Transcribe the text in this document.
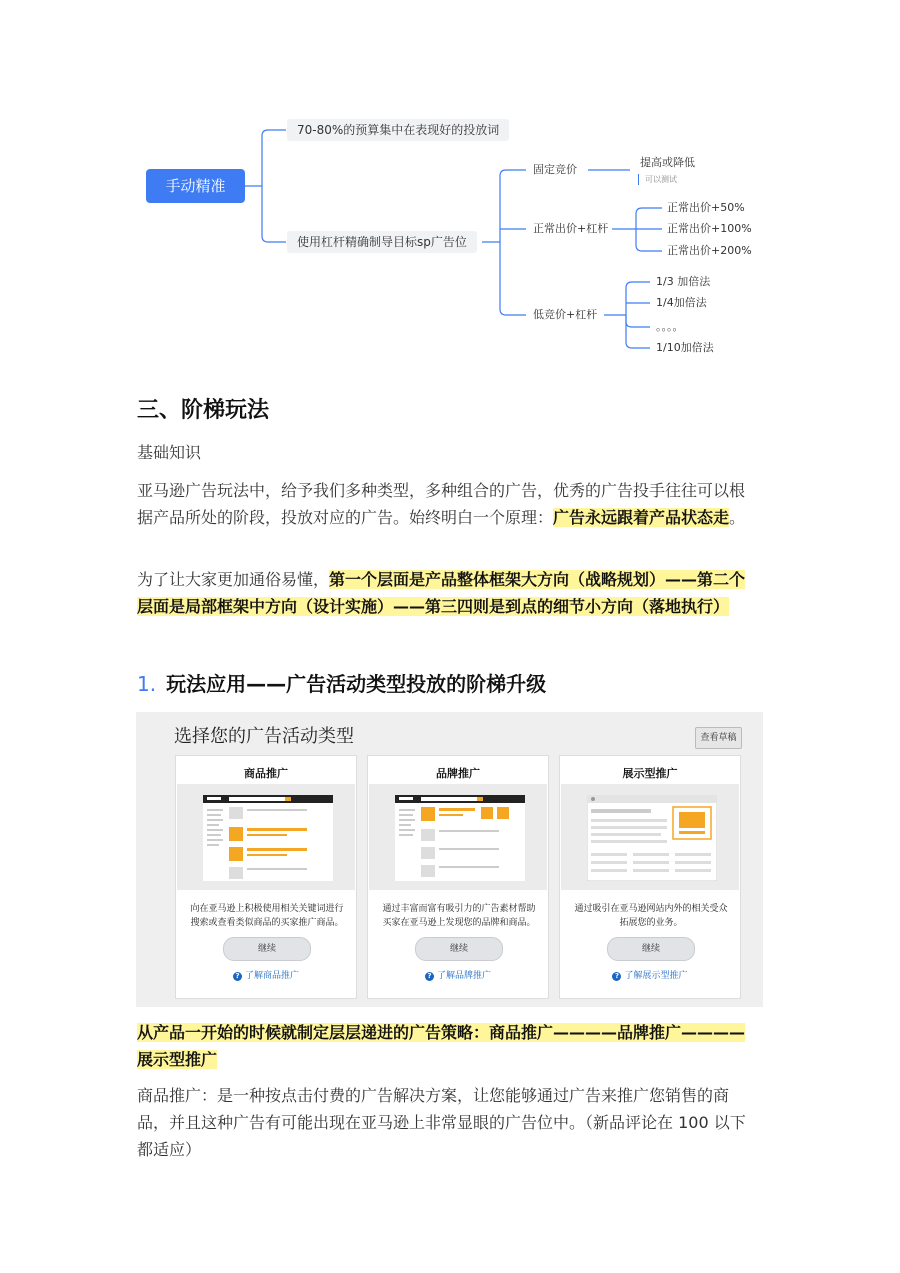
手动精准
70-80%的预算集中在表现好的投放词
使用杠杆精确制导目标sp广告位
固定竞价
提高或降低
可以测试
正常出价+杠杆
正常出价+50%
正常出价+100%
正常出价+200%
低竞价+杠杆
1/3 加倍法
1/4加倍法
。。。。
1/10加倍法
三、阶梯玩法
基础知识
亚马逊广告玩法中，给予我们多种类型，多种组合的广告，优秀的广告投手往往可以根据产品所处的阶段，投放对应的广告。始终明白一个原理：广告永远跟着产品状态走。
为了让大家更加通俗易懂，第一个层面是产品整体框架大方向（战略规划）——第二个层面是局部框架中方向（设计实施）——第三四则是到点的细节小方向（落地执行）
1. 玩法应用——广告活动类型投放的阶梯升级
选择您的广告活动类型	查看草稿
商品推广
向在亚马逊上积极使用相关关键词进行搜索或查看类似商品的买家推广商品。
继续
? 了解商品推广
品牌推广
通过丰富而富有吸引力的广告素材帮助买家在亚马逊上发现您的品牌和商品。
继续
? 了解品牌推广
展示型推广
通过吸引在亚马逊网站内外的相关受众拓展您的业务。
继续
? 了解展示型推广
从产品一开始的时候就制定层层递进的广告策略：商品推广————品牌推广————展示型推广
商品推广：是一种按点击付费的广告解决方案，让您能够通过广告来推广您销售的商品，并且这种广告有可能出现在亚马逊上非常显眼的广告位中。（新品评论在 100 以下都适应）
